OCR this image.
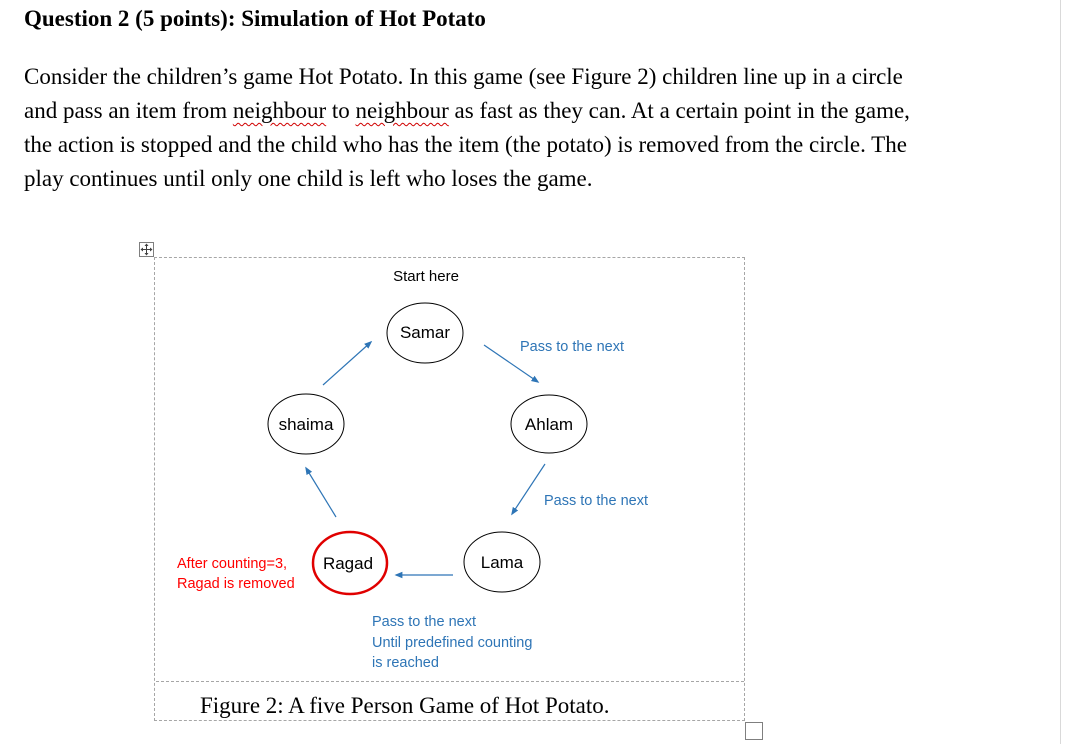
Question 2 (5 points): Simulation of Hot Potato
Consider the children’s game Hot Potato. In this game (see Figure 2) children line up in a circle and pass an item from neighbour to neighbour as fast as they can. At a certain point in the game, the action is stopped and the child who has the item (the potato) is removed from the circle. The play continues until only one child is left who loses the game.
Start here
Samar
Ahlam
Lama
Ragad
shaima
Pass to the next
Pass to the next
Pass to the next
Until predefined counting
is reached
After counting=3,
Ragad is removed
Figure 2: A five Person Game of Hot Potato.
